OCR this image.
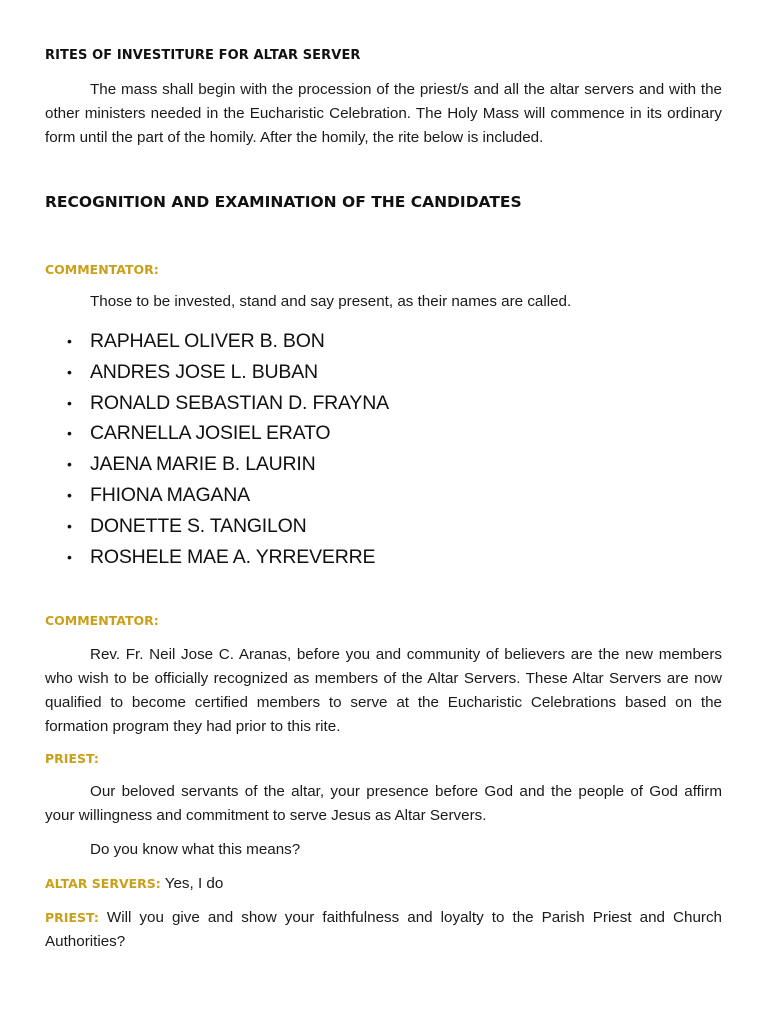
RITES OF INVESTITURE FOR ALTAR SERVER

The mass shall begin with the procession of the priest/s and all the altar servers and with the other ministers needed in the Eucharistic Celebration. The Holy Mass will commence in its ordinary form until the part of the homily. After the homily, the rite below is included.

RECOGNITION AND EXAMINATION OF THE CANDIDATES
COMMENTATOR:

Those to be invested, stand and say present, as their names are called.

• RAPHAEL OLIVER B. BON
• ANDRES JOSE L. BUBAN
• RONALD SEBASTIAN D. FRAYNA
• CARNELLA JOSIEL ERATO
• JAENA MARIE B. LAURIN
• FHIONA MAGANA
• DONETTE S. TANGILON
• ROSHELE MAE A. YRREVERRE
COMMENTATOR:

Rev. Fr. Neil Jose C. Aranas, before you and community of believers are the new members who wish to be officially recognized as members of the Altar Servers. These Altar Servers are now qualified to become certified members to serve at the Eucharistic Celebrations based on the formation program they had prior to this rite.

PRIEST:

Our beloved servants of the altar, your presence before God and the people of God affirm your willingness and commitment to serve Jesus as Altar Servers.

Do you know what this means?

ALTAR SERVERS: Yes, I do

PRIEST: Will you give and show your faithfulness and loyalty to the Parish Priest and Church Authorities?
